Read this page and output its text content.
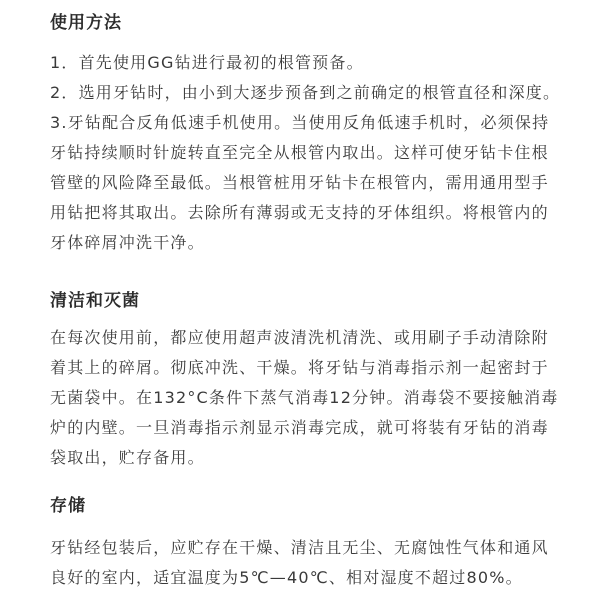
使用方法
1．首先使用GG钻进行最初的根管预备。
2．选用牙钻时，由小到大逐步预备到之前确定的根管直径和深度。
3.牙钻配合反角低速手机使用。当使用反角低速手机时，必须保持
牙钻持续顺时针旋转直至完全从根管内取出。这样可使牙钻卡住根
管壁的风险降至最低。当根管桩用牙钻卡在根管内，需用通用型手
用钻把将其取出。去除所有薄弱或无支持的牙体组织。将根管内的
牙体碎屑冲洗干净。
清洁和灭菌
在每次使用前，都应使用超声波清洗机清洗、或用刷子手动清除附
着其上的碎屑。彻底冲洗、干燥。将牙钻与消毒指示剂一起密封于
无菌袋中。在132°C条件下蒸气消毒12分钟。消毒袋不要接触消毒
炉的内壁。一旦消毒指示剂显示消毒完成，就可将装有牙钻的消毒
袋取出，贮存备用。
存储
牙钻经包装后，应贮存在干燥、清洁且无尘、无腐蚀性气体和通风
良好的室内，适宜温度为5℃—40℃、相对湿度不超过80%。
